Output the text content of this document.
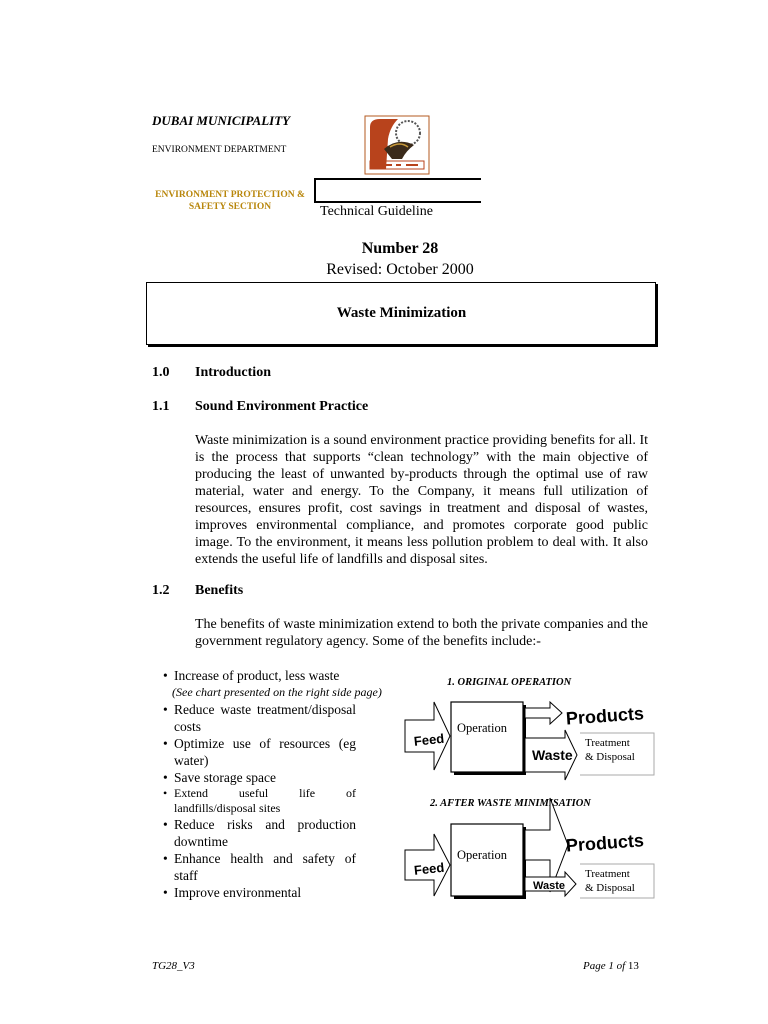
DUBAI MUNICIPALITY
ENVIRONMENT DEPARTMENT
ENVIRONMENT PROTECTION &
SAFETY SECTION	Technical Guideline
Number 28
Revised: October 2000
Waste Minimization
1.0 Introduction
1.1 Sound Environment Practice
Waste minimization is a sound environment practice providing benefits for all. It is the process that supports “clean technology” with the main objective of producing the least of unwanted by-products through the optimal use of raw material, water and energy. To the Company, it means full utilization of resources, ensures profit, cost savings in treatment and disposal of wastes, improves environmental compliance, and promotes corporate good public image. To the environment, it means less pollution problem to deal with. It also extends the useful life of landfills and disposal sites.
1.2 Benefits
The benefits of waste minimization extend to both the private companies and the government regulatory agency. Some of the benefits include:-
• Increase of product, less waste
(See chart presented on the right side page)
• Reduce waste treatment/disposal costs
• Optimize use of resources (eg water)
• Save storage space
• Extend useful life of landfills/disposal sites
• Reduce risks and production downtime
• Enhance health and safety of staff
• Improve environmental
1. ORIGINAL OPERATION
Feed
Operation	Products
Waste
Treatment
& Disposal
2. AFTER WASTE MINIMISATION
Feed
Operation	Products
Waste
Treatment
& Disposal
TG28_V3	Page 1 of 13
